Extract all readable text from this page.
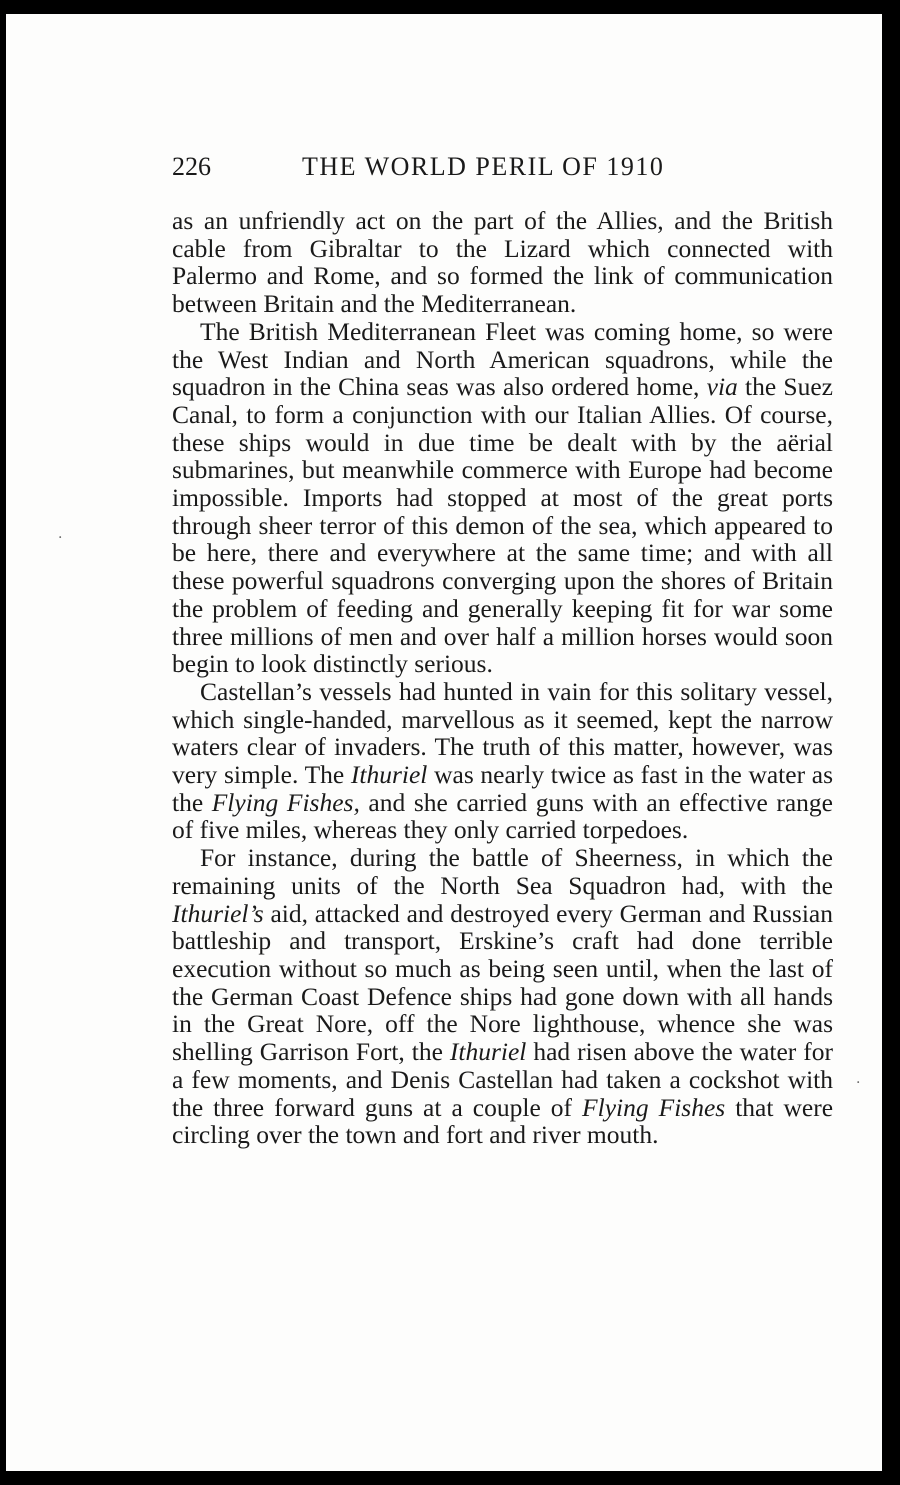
·
·
226	THE WORLD PERIL OF 1910

as an unfriendly act on the part of the Allies, and the British cable from Gibraltar to the Lizard which connected with Palermo and Rome, and so formed the link of communication between Britain and the Mediterranean.

The British Mediterranean Fleet was coming home, so were the West Indian and North American squadrons, while the squadron in the China seas was also ordered home, via the Suez Canal, to form a conjunction with our Italian Allies. Of course, these ships would in due time be dealt with by the aërial submarines, but meanwhile commerce with Europe had become impossible. Imports had stopped at most of the great ports through sheer terror of this demon of the sea, which appeared to be here, there and everywhere at the same time; and with all these powerful squadrons converging upon the shores of Britain the problem of feeding and generally keeping fit for war some three millions of men and over half a million horses would soon begin to look distinctly serious.

Castellan’s vessels had hunted in vain for this solitary vessel, which single-handed, marvellous as it seemed, kept the narrow waters clear of invaders. The truth of this matter, however, was very simple. The Ithuriel was nearly twice as fast in the water as the Flying Fishes, and she carried guns with an effective range of five miles, whereas they only carried torpedoes.

For instance, during the battle of Sheerness, in which the remaining units of the North Sea Squadron had, with the Ithuriel’s aid, attacked and destroyed every German and Russian battleship and transport, Erskine’s craft had done terrible execution without so much as being seen until, when the last of the German Coast Defence ships had gone down with all hands in the Great Nore, off the Nore lighthouse, whence she was shelling Garrison Fort, the Ithuriel had risen above the water for a few moments, and Denis Castellan had taken a cockshot with the three forward guns at a couple of Flying Fishes that were circling over the town and fort and river mouth.
